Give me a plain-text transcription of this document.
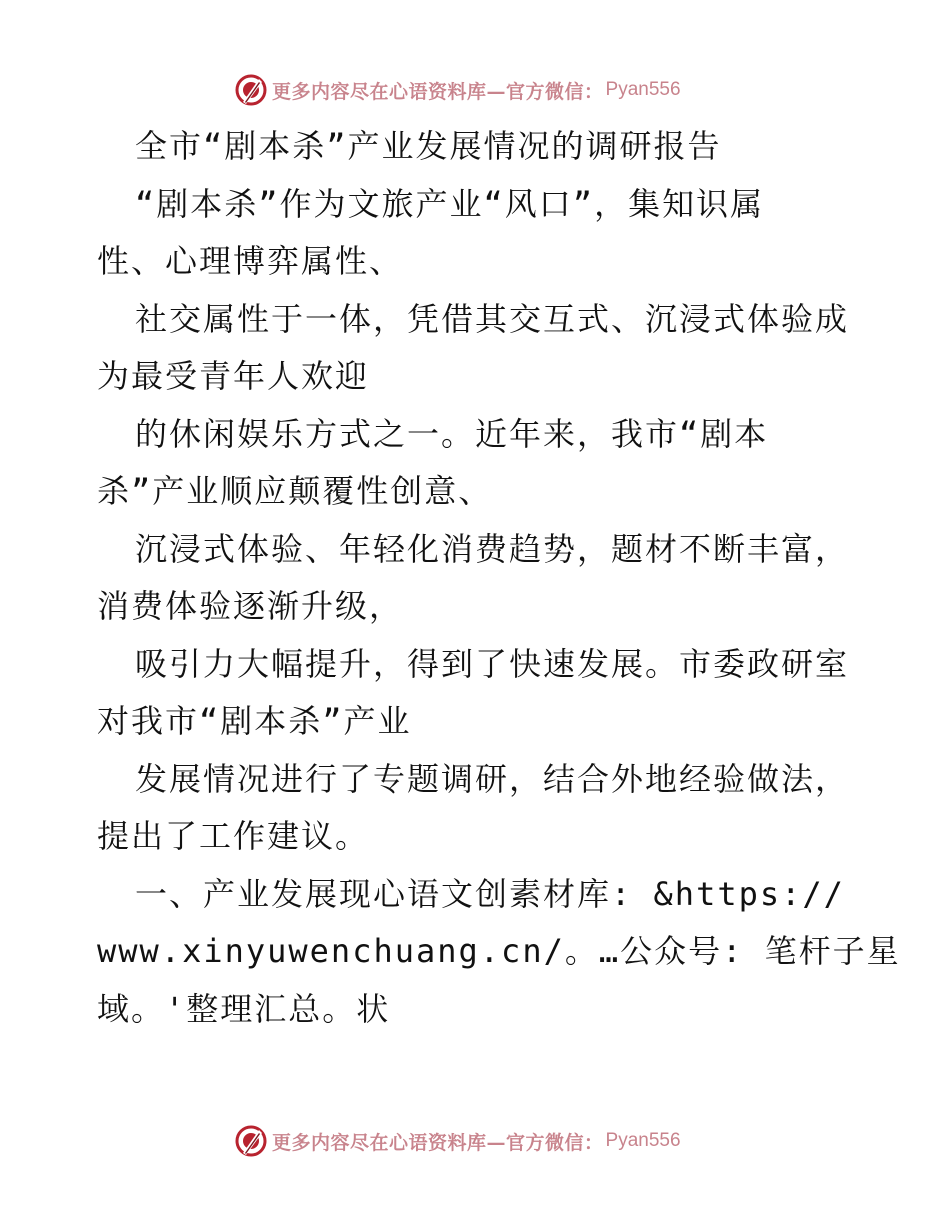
更多内容尽在心语资料库—官方微信： Pyan556
全市“剧本杀”产业发展情况的调研报告
“剧本杀”作为文旅产业“风口”，集知识属
性、心理博弈属性、
社交属性于一体，凭借其交互式、沉浸式体验成
为最受青年人欢迎
的休闲娱乐方式之一。近年来，我市“剧本
杀”产业顺应颠覆性创意、
沉浸式体验、年轻化消费趋势，题材不断丰富，
消费体验逐渐升级，
吸引力大幅提升，得到了快速发展。市委政研室
对我市“剧本杀”产业
发展情况进行了专题调研，结合外地经验做法，
提出了工作建议。
一、产业发展现心语文创素材库: &https://
www.xinyuwenchuang.cn/。…公众号: 笔杆子星
域。'整理汇总。状
更多内容尽在心语资料库—官方微信： Pyan556
